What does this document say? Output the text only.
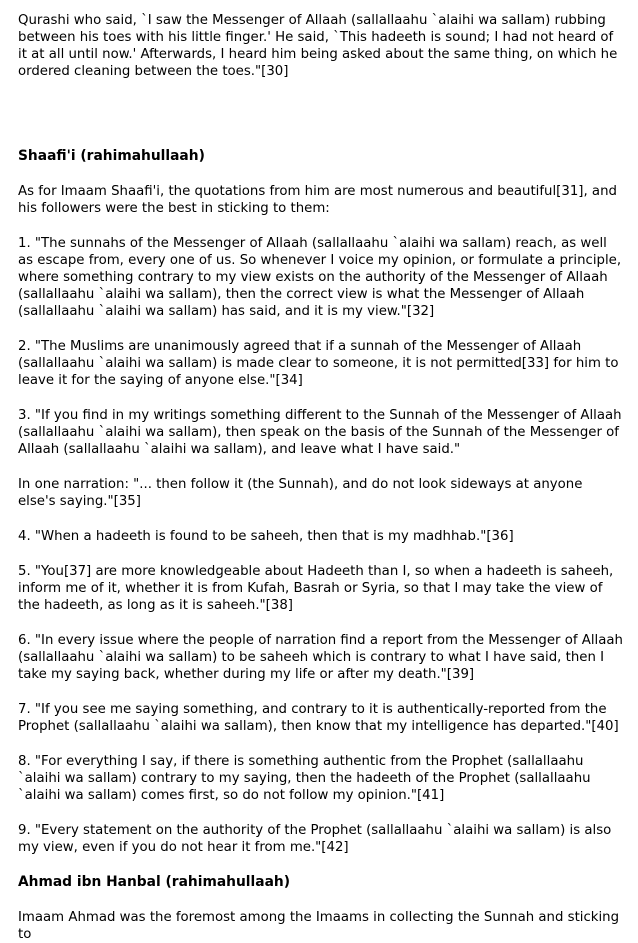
Qurashi who said, `I saw the Messenger of Allaah (sallallaahu `alaihi wa sallam) rubbing between his toes with his little finger.' He said, `This hadeeth is sound; I had not heard of it at all until now.' Afterwards, I heard him being asked about the same thing, on which he ordered cleaning between the toes."[30]

Shaafi'i (rahimahullaah)

As for Imaam Shaafi'i, the quotations from him are most numerous and beautiful[31], and his followers were the best in sticking to them:

1. "The sunnahs of the Messenger of Allaah (sallallaahu `alaihi wa sallam) reach, as well as escape from, every one of us. So whenever I voice my opinion, or formulate a principle, where something contrary to my view exists on the authority of the Messenger of Allaah (sallallaahu `alaihi wa sallam), then the correct view is what the Messenger of Allaah (sallallaahu `alaihi wa sallam) has said, and it is my view."[32]

2. "The Muslims are unanimously agreed that if a sunnah of the Messenger of Allaah (sallallaahu `alaihi wa sallam) is made clear to someone, it is not permitted[33] for him to leave it for the saying of anyone else."[34]

3. "If you find in my writings something different to the Sunnah of the Messenger of Allaah (sallallaahu `alaihi wa sallam), then speak on the basis of the Sunnah of the Messenger of Allaah (sallallaahu `alaihi wa sallam), and leave what I have said."

In one narration: "... then follow it (the Sunnah), and do not look sideways at anyone else's saying."[35]

4. "When a hadeeth is found to be saheeh, then that is my madhhab."[36]

5. "You[37] are more knowledgeable about Hadeeth than I, so when a hadeeth is saheeh, inform me of it, whether it is from Kufah, Basrah or Syria, so that I may take the view of the hadeeth, as long as it is saheeh."[38]

6. "In every issue where the people of narration find a report from the Messenger of Allaah (sallallaahu `alaihi wa sallam) to be saheeh which is contrary to what I have said, then I take my saying back, whether during my life or after my death."[39]

7. "If you see me saying something, and contrary to it is authentically-reported from the Prophet (sallallaahu `alaihi wa sallam), then know that my intelligence has departed."[40]

8. "For everything I say, if there is something authentic from the Prophet (sallallaahu `alaihi wa sallam) contrary to my saying, then the hadeeth of the Prophet (sallallaahu `alaihi wa sallam) comes first, so do not follow my opinion."[41]

9. "Every statement on the authority of the Prophet (sallallaahu `alaihi wa sallam) is also my view, even if you do not hear it from me."[42]

Ahmad ibn Hanbal (rahimahullaah)

Imaam Ahmad was the foremost among the Imaams in collecting the Sunnah and sticking to
